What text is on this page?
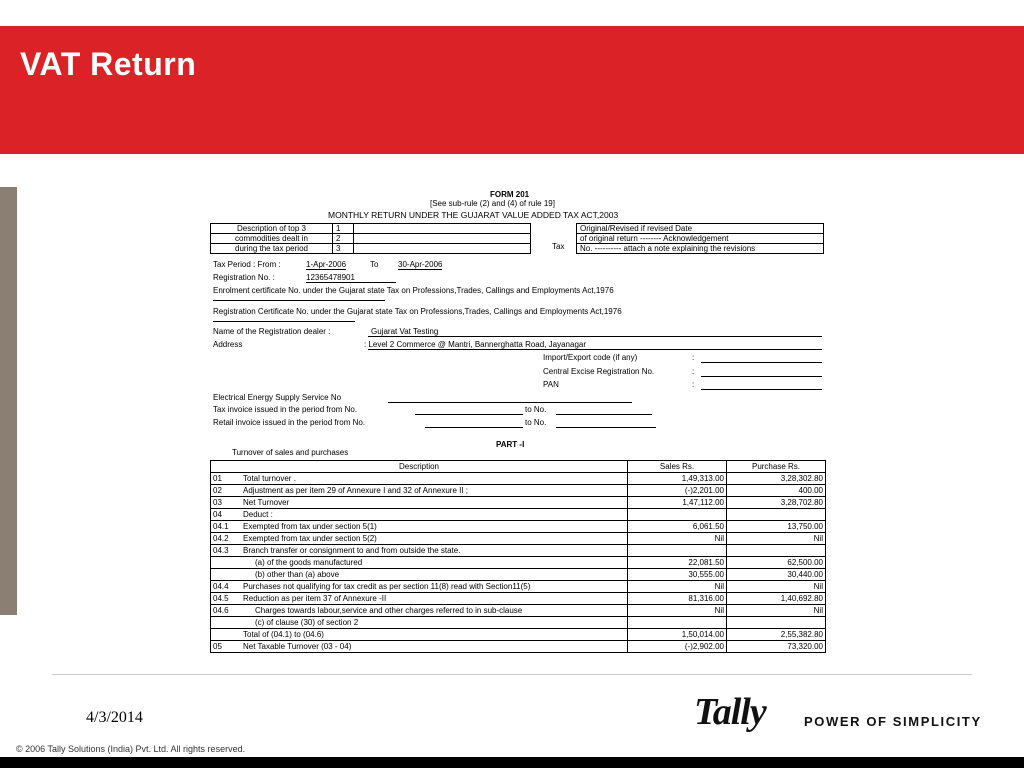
VAT Return
FORM 201
[See sub-rule (2) and (4) of rule 19]
MONTHLY RETURN UNDER THE GUJARAT VALUE ADDED TAX ACT,2003
Description of top 3	1	
commodities dealt in	2	
during the tax period	3	
Original/Revised if revised Date
of original return -------- Acknowledgement
No. ---------- attach a note explaining the revisions
Tax
Tax Period : From :	1-Apr-2006	To 30-Apr-2006
Registration No. :	12365478901
Enrolment certificate No. under the Gujarat state Tax on Professions,Trades, Callings and Employments Act,1976
Registration Certificate No. under the Gujarat state Tax on Professions,Trades, Callings and Employments Act,1976
Name of the Registration dealer :	Gujarat Vat Testing
Address	: Level 2 Commerce @ Mantri, Bannerghatta Road, Jayanagar
Import/Export code (if any)	:
Central Excise Registration No.	:
PAN	:
Electrical Energy Supply Service No
Tax invoice issued in the period from No.	to No.
Retail invoice issued in the period from No.	to No.
PART -I
Turnover of sales and purchases
Description		Sales Rs.	Purchase Rs.
01	Total turnover .	1,49,313.00	3,28,302.80
02	Adjustment as per item 29 of Annexure I and 32 of Annexure II ;	(-)2,201.00	400.00
03	Net Turnover	1,47,112.00	3,28,702.80
04	Deduct :		
04.1	Exempted from tax under section 5(1)	6,061.50	13,750.00
04.2	Exempted from tax under section 5(2)	Nil	Nil
04.3	Branch transfer or consignment to and from outside the state.		
	(a) of the goods manufactured	22,081.50	62,500.00
	(b) other than (a) above	30,555.00	30,440.00
04.4	Purchases not qualifying for tax credit as per section 11(8) read with Section11(5)	Nil	Nil
04.5	Reduction as per item 37 of Annexure -II	81,316.00	1,40,692.80
04.6	Charges towards labour,service and other charges referred to in sub-clause	Nil	Nil
	(c) of clause (30) of section 2		
	Total of (04.1) to (04.6)	1,50,014.00	2,55,382.80
05	Net Taxable Turnover (03 - 04)	(-)2,902.00	73,320.00
4/3/2014	Tally	POWER OF SIMPLICITY
© 2006 Tally Solutions (India) Pvt. Ltd. All rights reserved.
